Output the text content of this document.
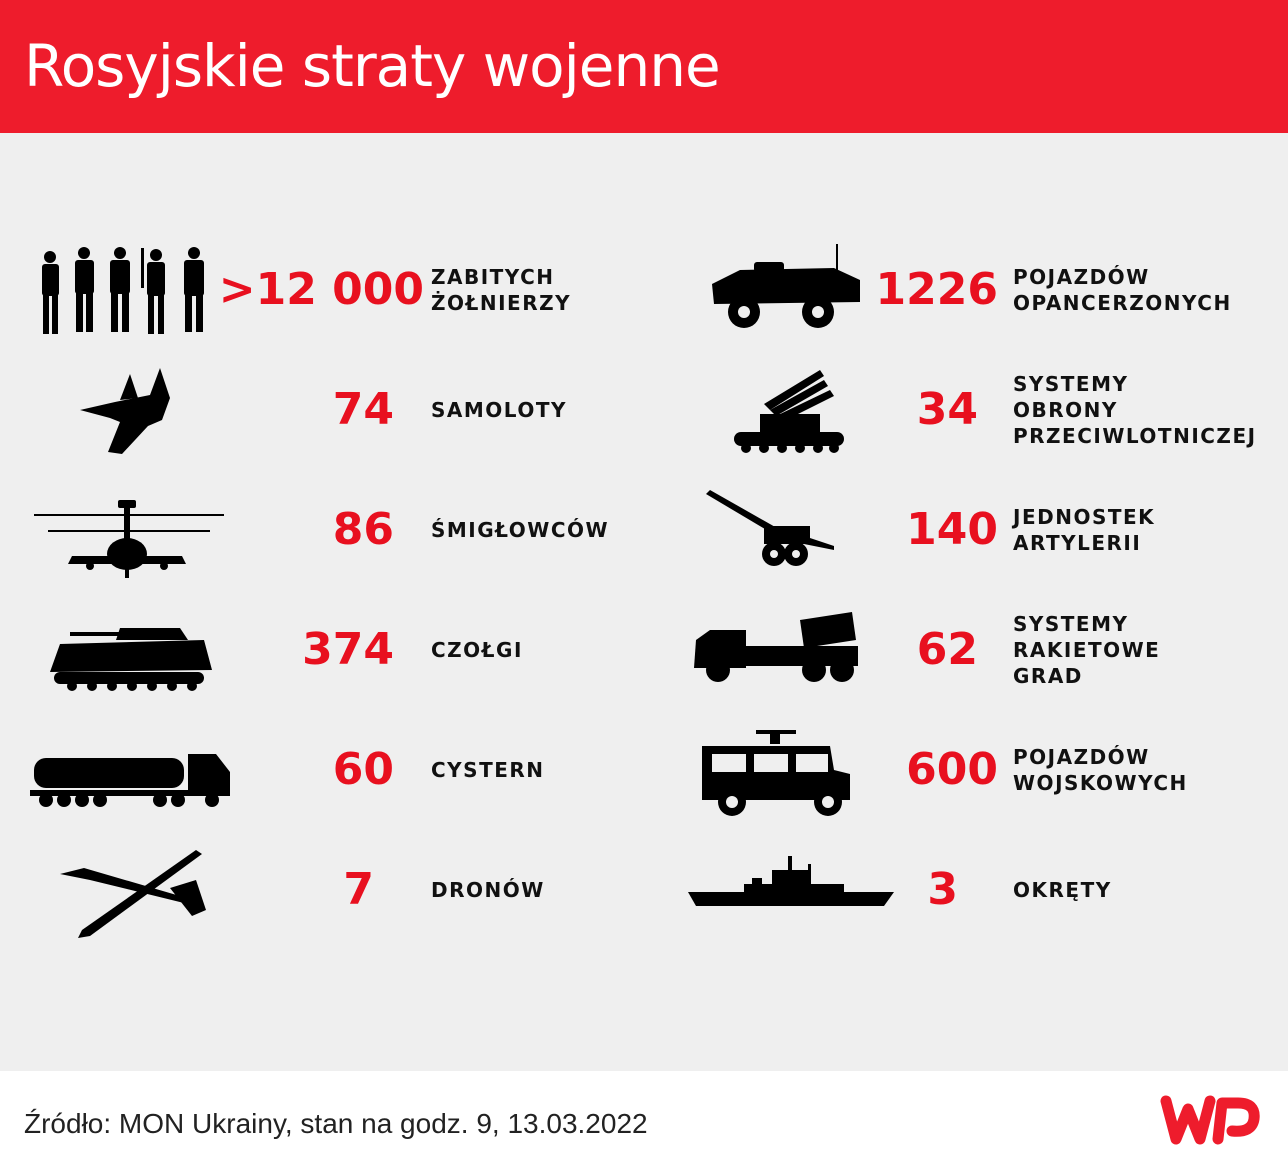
Rosyjskie straty wojenne
>12 000 ZABITYCH
ŻOŁNIERZY
74 SAMOLOTY
86 ŚMIGŁOWCÓW
374 CZOŁGI
60 CYSTERN
7	DRONÓW
1226 POJAZDÓW
OPANCERZONYCH
34 SYSTEMY
OBRONY
PRZECIWLOTNICZEJ
140 JEDNOSTEK
ARTYLERII
62 SYSTEMY
RAKIETOWE
GRAD
600 POJAZDÓW
WOJSKOWYCH
3	OKRĘTY
Źródło: MON Ukrainy, stan na godz. 9, 13.03.2022
